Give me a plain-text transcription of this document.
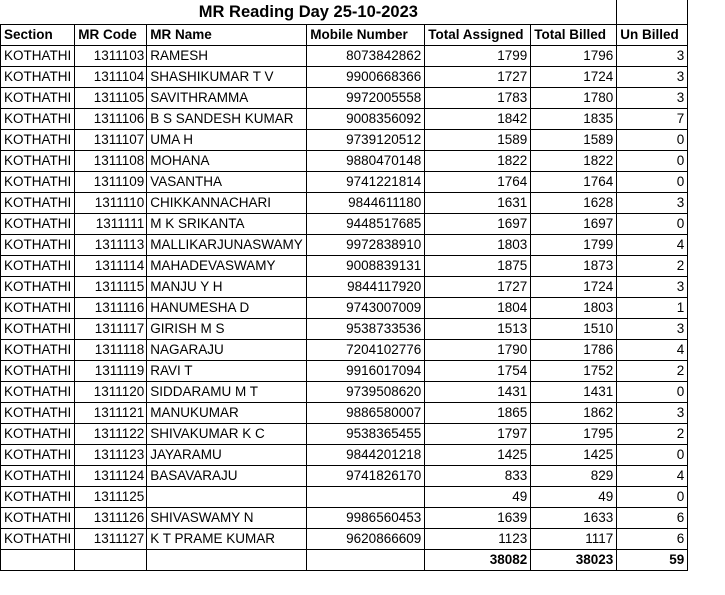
MR Reading Day 25-10-2023						
Section	MR Code	MR Name	Mobile Number	Total Assigned	Total Billed	Un Billed
KOTHATHI	1311103	RAMESH	8073842862	1799	1796	3
KOTHATHI	1311104	SHASHIKUMAR T V	9900668366	1727	1724	3
KOTHATHI	1311105	SAVITHRAMMA	9972005558	1783	1780	3
KOTHATHI	1311106	B S SANDESH KUMAR	9008356092	1842	1835	7
KOTHATHI	1311107	UMA H	9739120512	1589	1589	0
KOTHATHI	1311108	MOHANA	9880470148	1822	1822	0
KOTHATHI	1311109	VASANTHA	9741221814	1764	1764	0
KOTHATHI	1311110	CHIKKANNACHARI	9844611180	1631	1628	3
KOTHATHI	1311111	M K SRIKANTA	9448517685	1697	1697	0
KOTHATHI	1311113	MALLIKARJUNASWAMY	9972838910	1803	1799	4
KOTHATHI	1311114	MAHADEVASWAMY	9008839131	1875	1873	2
KOTHATHI	1311115	MANJU Y H	9844117920	1727	1724	3
KOTHATHI	1311116	HANUMESHA D	9743007009	1804	1803	1
KOTHATHI	1311117	GIRISH M S	9538733536	1513	1510	3
KOTHATHI	1311118	NAGARAJU	7204102776	1790	1786	4
KOTHATHI	1311119	RAVI T	9916017094	1754	1752	2
KOTHATHI	1311120	SIDDARAMU M T	9739508620	1431	1431	0
KOTHATHI	1311121	MANUKUMAR	9886580007	1865	1862	3
KOTHATHI	1311122	SHIVAKUMAR K C	9538365455	1797	1795	2
KOTHATHI	1311123	JAYARAMU	9844201218	1425	1425	0
KOTHATHI	1311124	BASAVARAJU	9741826170	833	829	4
KOTHATHI	1311125			49	49	0
KOTHATHI	1311126	SHIVASWAMY N	9986560453	1639	1633	6
KOTHATHI	1311127	K T PRAME KUMAR	9620866609	1123	1117	6
				38082	38023	59
